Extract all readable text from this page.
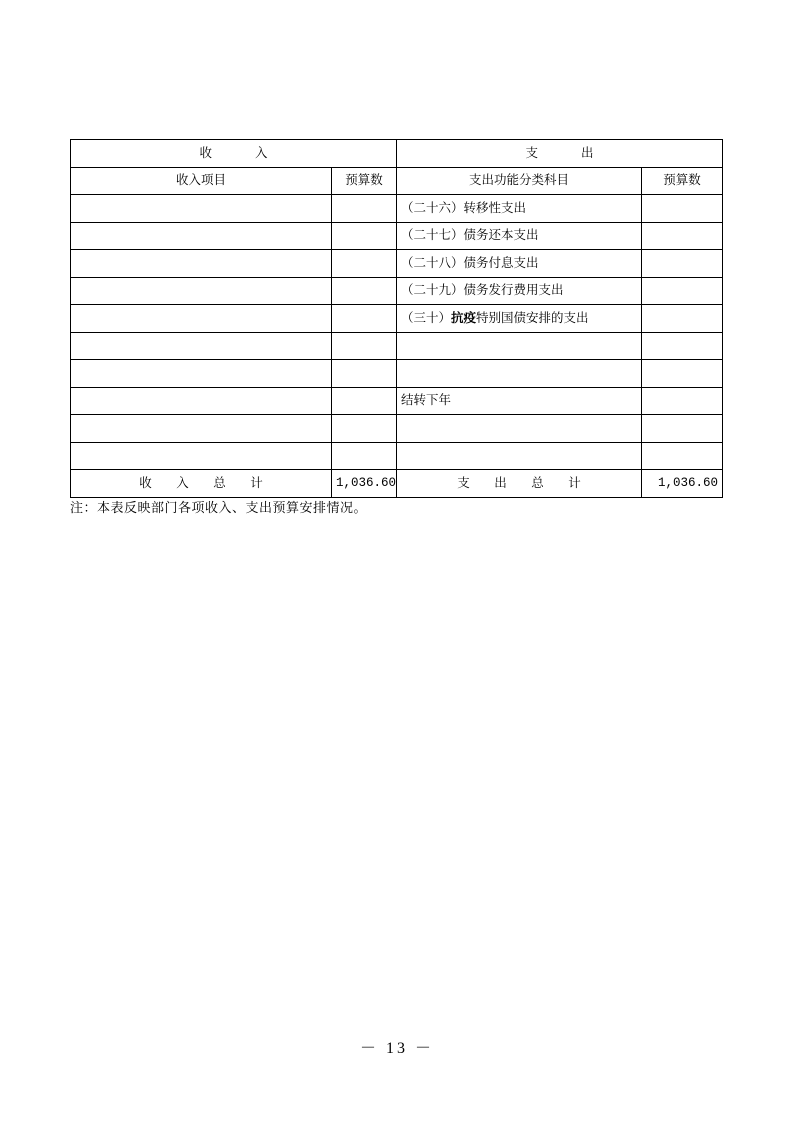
收　　入		支　　出	
收入项目	预算数	支出功能分类科目	预算数
		（二十六）转移性支出	
		（二十七）债务还本支出	
		（二十八）债务付息支出	
		（二十九）债务发行费用支出	
		（三十）抗疫特别国债安排的支出	

		结转下年	

收　入　总　计	1,036.60	支　出　总　计	1,036.60
注：本表反映部门各项收入、支出预算安排情况。
－ 13 －
